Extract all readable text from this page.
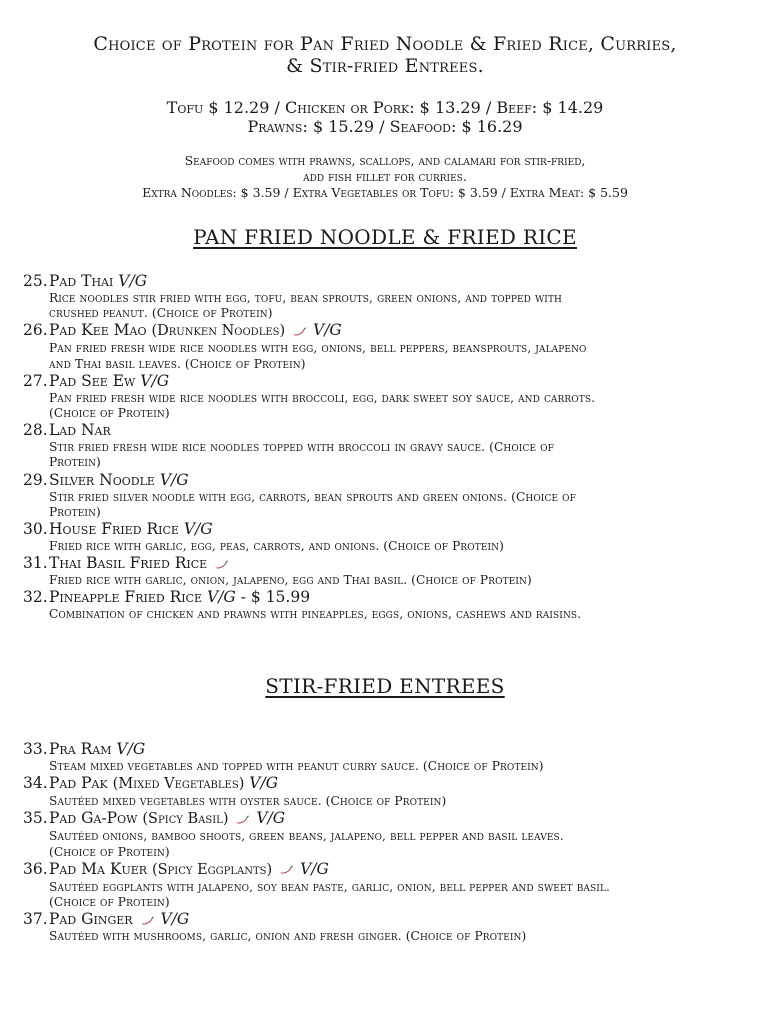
Choice of Protein for Pan Fried Noodle & Fried Rice, Curries,
& Stir-fried Entrees.
Tofu $ 12.29 / Chicken or Pork: $ 13.29 / Beef: $ 14.29
Prawns: $ 15.29 / Seafood: $ 16.29
Seafood comes with prawns, scallops, and calamari for stir-fried,
add fish fillet for curries.
Extra Noodles: $ 3.59 / Extra Vegetables or Tofu: $ 3.59 / Extra Meat: $ 5.59
PAN FRIED NOODLE & FRIED RICE
25.Pad Thai V/G
Rice noodles stir fried with egg, tofu, bean sprouts, green onions, and topped with
crushed peanut. (Choice of Protein)
26.Pad Kee Mao (Drunken Noodles) V/G
Pan fried fresh wide rice noodles with egg, onions, bell peppers, beansprouts, jalapeno
and Thai basil leaves. (Choice of Protein)
27.Pad See Ew V/G
Pan fried fresh wide rice noodles with broccoli, egg, dark sweet soy sauce, and carrots.
(Choice of Protein)
28.Lad Nar
Stir fried fresh wide rice noodles topped with broccoli in gravy sauce. (Choice of
Protein)
29.Silver Noodle V/G
Stir fried silver noodle with egg, carrots, bean sprouts and green onions. (Choice of
Protein)
30.House Fried Rice V/G
Fried rice with garlic, egg, peas, carrots, and onions. (Choice of Protein)
31.Thai Basil Fried Rice
Fried rice with garlic, onion, jalapeno, egg and Thai basil. (Choice of Protein)
32.Pineapple Fried Rice V/G - $ 15.99
Combination of chicken and prawns with pineapples, eggs, onions, cashews and raisins.
STIR-FRIED ENTREES
33.Pra Ram V/G
Steam mixed vegetables and topped with peanut curry sauce. (Choice of Protein)
34.Pad Pak (Mixed Vegetables) V/G
Sautéed mixed vegetables with oyster sauce. (Choice of Protein)
35.Pad Ga-Pow (Spicy Basil) V/G
Sautéed onions, bamboo shoots, green beans, jalapeno, bell pepper and basil leaves.
(Choice of Protein)
36.Pad Ma Kuer (Spicy Eggplants) V/G
Sautéed eggplants with jalapeno, soy bean paste, garlic, onion, bell pepper and sweet basil.
(Choice of Protein)
37.Pad Ginger V/G
Sautéed with mushrooms, garlic, onion and fresh ginger. (Choice of Protein)
